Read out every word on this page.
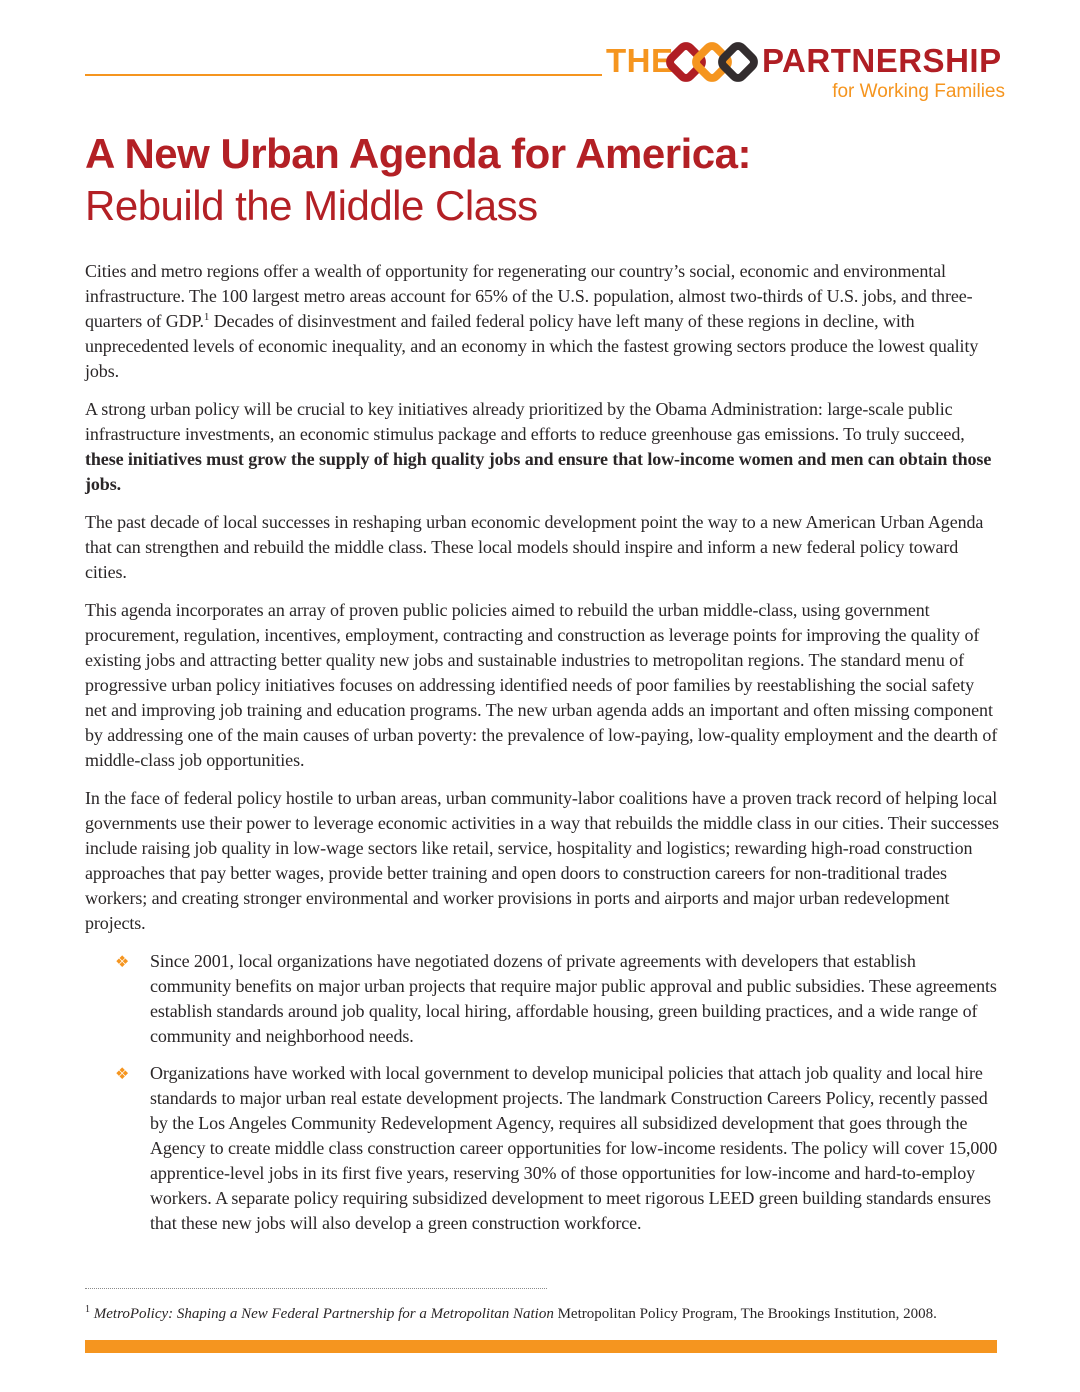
THE	PARTNERSHIP
for Working Families
A New Urban Agenda for America:
Rebuild the Middle Class

Cities and metro regions offer a wealth of opportunity for regenerating our country’s social, economic and environmental infrastructure. The 100 largest metro areas account for 65% of the U.S. population, almost two-thirds of U.S. jobs, and three-quarters of GDP.$^1$ Decades of disinvestment and failed federal policy have left many of these regions in decline, with unprecedented levels of economic inequality, and an economy in which the fastest growing sectors produce the lowest quality jobs.

A strong urban policy will be crucial to key initiatives already prioritized by the Obama Administration: large-scale public infrastructure investments, an economic stimulus package and efforts to reduce greenhouse gas emissions. To truly succeed, these initiatives must grow the supply of high quality jobs and ensure that low-income women and men can obtain those jobs.

The past decade of local successes in reshaping urban economic development point the way to a new American Urban Agenda that can strengthen and rebuild the middle class. These local models should inspire and inform a new federal policy toward cities.

This agenda incorporates an array of proven public policies aimed to rebuild the urban middle-class, using government procurement, regulation, incentives, employment, contracting and construction as leverage points for improving the quality of existing jobs and attracting better quality new jobs and sustainable industries to metropolitan regions. The standard menu of progressive urban policy initiatives focuses on addressing identified needs of poor families by reestablishing the social safety net and improving job training and education programs. The new urban agenda adds an important and often missing component by addressing one of the main causes of urban poverty: the prevalence of low-paying, low-quality employment and the dearth of middle-class job opportunities.

In the face of federal policy hostile to urban areas, urban community-labor coalitions have a proven track record of helping local governments use their power to leverage economic activities in a way that rebuilds the middle class in our cities. Their successes include raising job quality in low-wage sectors like retail, service, hospitality and logistics; rewarding high-road construction approaches that pay better wages, provide better training and open doors to construction careers for non-traditional trades workers; and creating stronger environmental and worker provisions in ports and airports and major urban redevelopment projects.

❖	Since 2001, local organizations have negotiated dozens of private agreements with developers that establish community benefits on major urban projects that require major public approval and public subsidies. These agreements establish standards around job quality, local hiring, affordable housing, green building practices, and a wide range of community and neighborhood needs.
❖	Organizations have worked with local government to develop municipal policies that attach job quality and local hire standards to major urban real estate development projects. The landmark Construction Careers Policy, recently passed by the Los Angeles Community Redevelopment Agency, requires all subsidized development that goes through the Agency to create middle class construction career opportunities for low-income residents. The policy will cover 15,000 apprentice-level jobs in its first five years, reserving 30% of those opportunities for low-income and hard-to-employ workers. A separate policy requiring subsidized development to meet rigorous LEED green building standards ensures that these new jobs will also develop a green construction workforce.

$^1$ MetroPolicy: Shaping a New Federal Partnership for a Metropolitan Nation Metropolitan Policy Program, The Brookings Institution, 2008.
